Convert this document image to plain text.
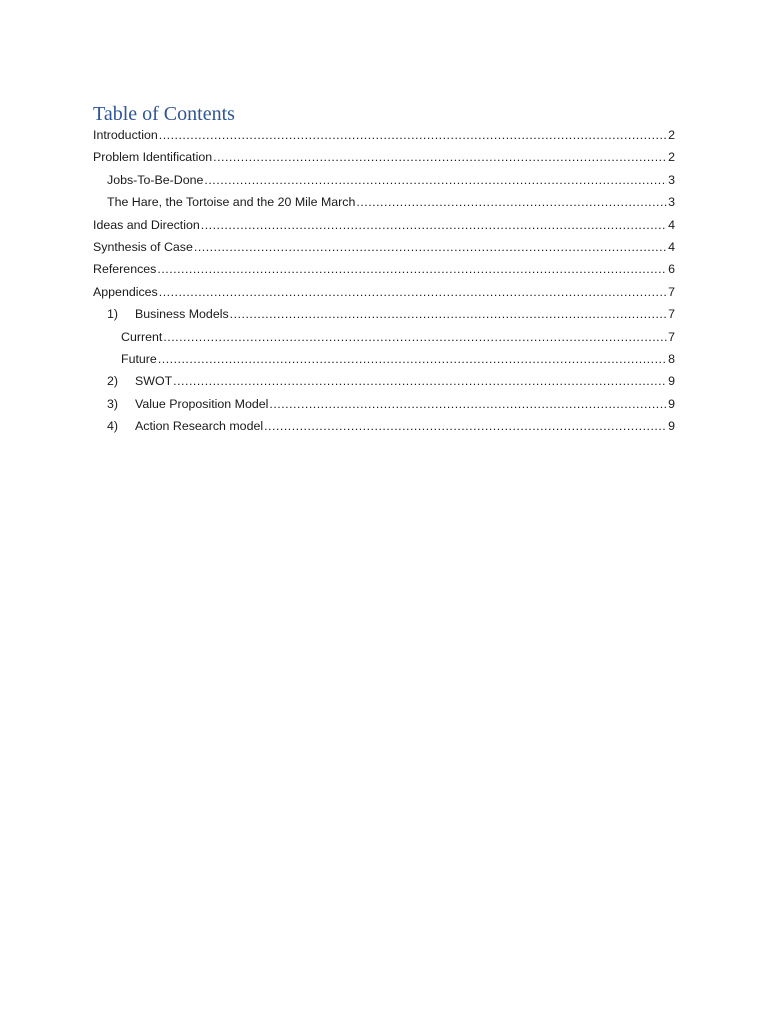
Table of Contents
Introduction .....	2
Problem Identification .....	2
Jobs-To-Be-Done .....	3
The Hare, the Tortoise and the 20 Mile March .....	3
Ideas and Direction .....	4
Synthesis of Case .....	4
References .....	6
Appendices .....	7
1)	Business Models .....	7
Current .....	7
Future .....	8
2)	SWOT .....	9
3)	Value Proposition Model .....	9
4)	Action Research model .....	9
